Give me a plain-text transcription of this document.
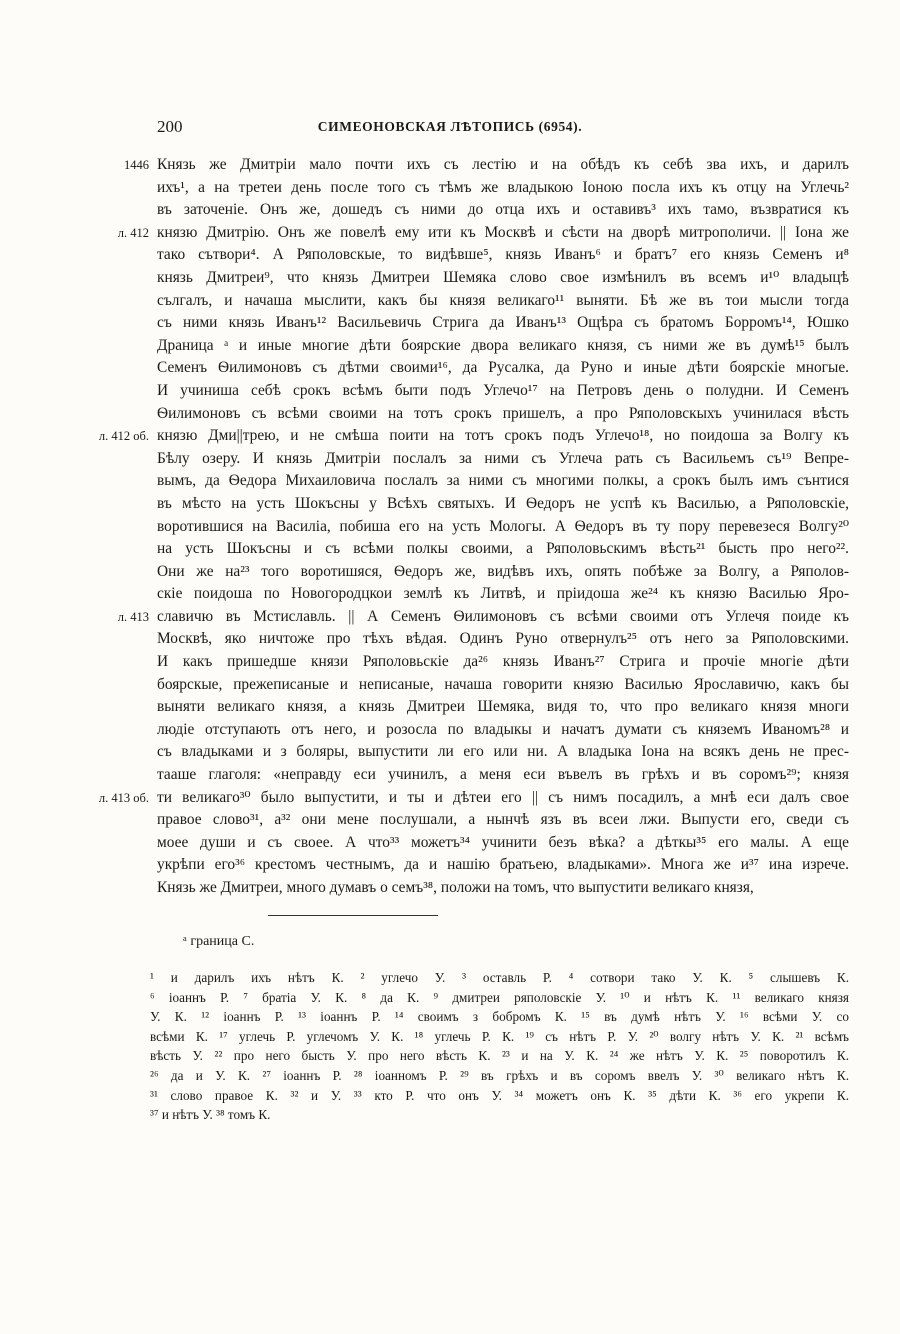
200	СИМЕОНОВСКАЯ ЛѢТОПИСЬ (6954).
1446 Князь же Дмитрiи мало почти ихъ съ лестiю и на обѣдъ къ себѣ зва ихъ, и дарилъ
ихъ¹, а на третеи день после того съ тѣмъ же владыкою Iоною посла ихъ къ отцу на Углечь²
въ заточенiе. Онъ же, дошедъ съ ними до отца ихъ и оставивъ³ ихъ тамо, възвратися къ
л. 412 князю Дмитрiю. Онъ же повелѣ ему ити къ Москвѣ и сѣсти на дворѣ митрополичи. || Iона же
тако сътвори⁴. А Ряполовскые, то видѣвше⁵, князь Иванъ⁶ и братъ⁷ его князь Семенъ и⁸
князь Дмитреи⁹, что князь Дмитреи Шемяка слово свое измѣнилъ въ всемъ и¹⁰ владыцѣ
сългалъ, и начаша мыслити, какъ бы князя великаго¹¹ выняти. Бѣ же въ тои мысли тогда
съ ними князь Иванъ¹² Васильевичь Стрига да Иванъ¹³ Ощѣра съ братомъ Борромъ¹⁴, Юшко
Драница ᵃ и иные многие дѣти боярские двора великаго князя, съ ними же въ думѣ¹⁵ былъ
Семенъ Ѳилимоновъ съ дѣтми своими¹⁶, да Русалка, да Руно и иные дѣти боярскiе многые.
И учиниша себѣ срокъ всѣмъ быти подъ Углечо¹⁷ на Петровъ день о полудни. И Семенъ
Ѳилимоновъ съ всѣми своими на тотъ срокъ пришелъ, а про Ряполовскыхъ учинилася вѣсть
л. 412 об. князю Дми||трею, и не смѣша поити на тотъ срокъ подъ Углечо¹⁸, но поидоша за Волгу къ
Бѣлу озеру. И князь Дмитрiи послалъ за ними съ Углеча рать съ Васильемъ съ¹⁹ Вепре-
вымъ, да Ѳедора Михаиловича послалъ за ними съ многими полкы, а срокъ былъ имъ сънтися
въ мѣсто на усть Шокъсны у Всѣхъ святыхъ. И Ѳедоръ не успѣ къ Василью, а Ряполовскiе,
воротившися на Василiа, побиша его на усть Мологы. А Ѳедоръ въ ту пору перевезеся Волгу²⁰
на усть Шокъсны и съ всѣми полкы своими, а Ряполовьскимъ вѣсть²¹ бысть про него²².
Они же на²³ того воротишяся, Ѳедоръ же, видѣвъ ихъ, опять побѣже за Волгу, а Ряполов-
скiе поидоша по Новогородцкои землѣ къ Литвѣ, и прiидоша же²⁴ къ князю Василью Яро-
л. 413 славичю въ Мстиславль. || А Семенъ Ѳилимоновъ съ всѣми своими отъ Углечя поиде къ
Москвѣ, яко ничтоже про тѣхъ вѣдая. Одинъ Руно отвернулъ²⁵ отъ него за Ряполовскими.
И какъ пришедше князи Ряполовьскiе да²⁶ князь Иванъ²⁷ Стрига и прочiе многiе дѣти
боярскые, прежеписаные и неписаные, начаша говорити князю Василью Ярославичю, какъ бы
выняти великаго князя, а князь Дмитреи Шемяка, видя то, что про великаго князя многи
людiе отступають отъ него, и розосла по владыкы и начатъ думати съ княземъ Иваномъ²⁸ и
съ владыками и з боляры, выпустити ли его или ни. А владыка Iона на всякъ день не прес-
тааше глаголя: «неправду еси учинилъ, а меня еси въвелъ въ грѣхъ и въ соромъ²⁹; князя
л. 413 об. ти великаго³⁰ было выпустити, и ты и дѣтеи его || съ нимъ посадилъ, а мнѣ еси далъ свое
правое слово³¹, а³² они мене послушали, а нынчѣ язъ въ всеи лжи. Выпусти его, сведи съ
моее души и съ своее. А что³³ можетъ³⁴ учинити безъ вѣка? а дѣткы³⁵ его малы. А еще
укрѣпи его³⁶ крестомъ честнымъ, да и нашiю братьею, владыками». Многа же и³⁷ ина изрече.
Князь же Дмитреи, много думавъ о семъ³⁸, положи на томъ, что выпустити великаго князя,
ᵃ граница С.
¹ и дарилъ ихъ нѣтъ К. ² углечо У. ³ оставль Р. ⁴ сотвори тако У. К. ⁵ слышевъ К.
⁶ iоаннъ Р. ⁷ братiа У. К. ⁸ да К. ⁹ дмитреи ряполовскiе У. ¹⁰ и нѣтъ К. ¹¹ великаго князя
У. К. ¹² iоаннъ Р. ¹³ iоаннъ Р. ¹⁴ своимъ з бобромъ К. ¹⁵ въ думѣ нѣтъ У. ¹⁶ всѣми У. со
всѣми К. ¹⁷ углечь Р. углечомъ У. К. ¹⁸ углечь Р. К. ¹⁹ съ нѣтъ Р. У. ²⁰ волгу нѣтъ У. К. ²¹ всѣмъ
вѣсть У. ²² про него бысть У. про него вѣсть К. ²³ и на У. К. ²⁴ же нѣтъ У. К. ²⁵ поворотилъ К.
²⁶ да и У. К. ²⁷ iоаннъ Р. ²⁸ iоанномъ Р. ²⁹ въ грѣхъ и въ соромъ ввелъ У. ³⁰ великаго нѣтъ К.
³¹ слово правое К. ³² и У. ³³ кто Р. что онъ У. ³⁴ можетъ онъ К. ³⁵ дѣти К. ³⁶ его укрепи К.
³⁷ и нѣтъ У. ³⁸ томъ К.
